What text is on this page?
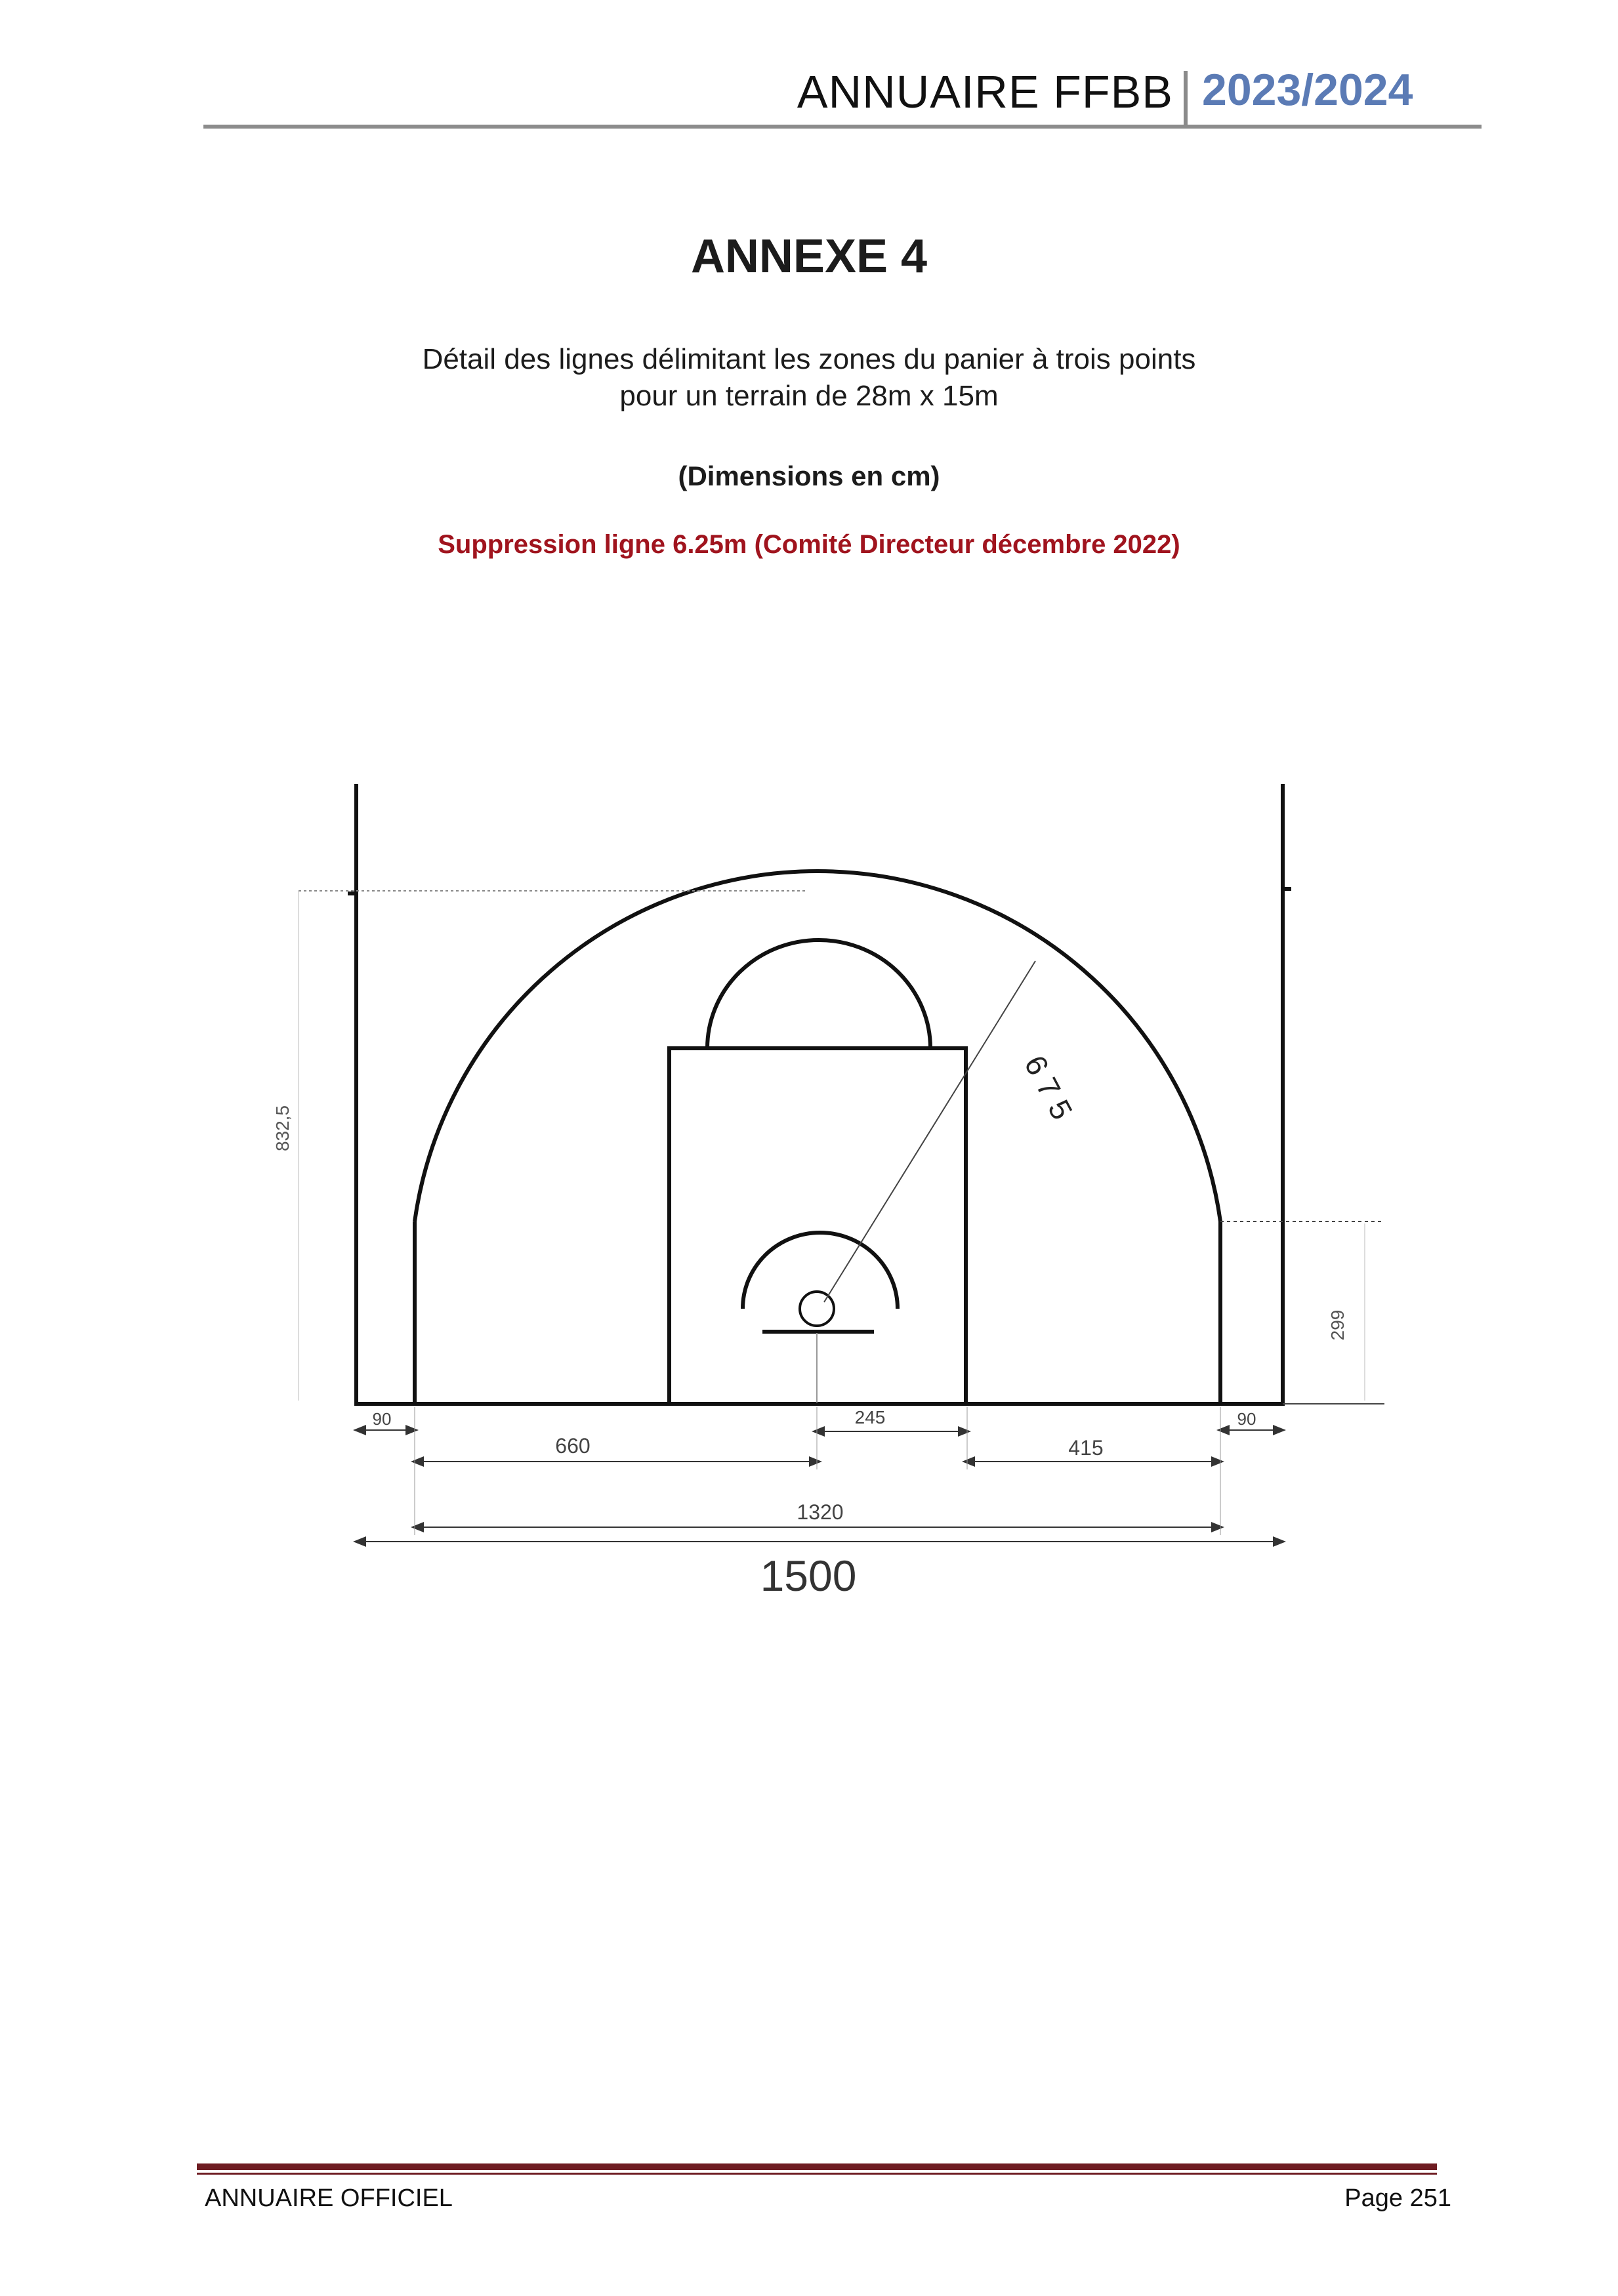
ANNUAIRE FFBB 2023/2024
ANNEXE 4
Détail des lignes délimitant les zones du panier à trois points
pour un terrain de 28m x 15m
(Dimensions en cm)
Suppression ligne 6.25m (Comité Directeur décembre 2022)
6 7 5
832,5
299
90	90
660
245
415
1320
1500
ANNUAIRE OFFICIEL	Page 251
